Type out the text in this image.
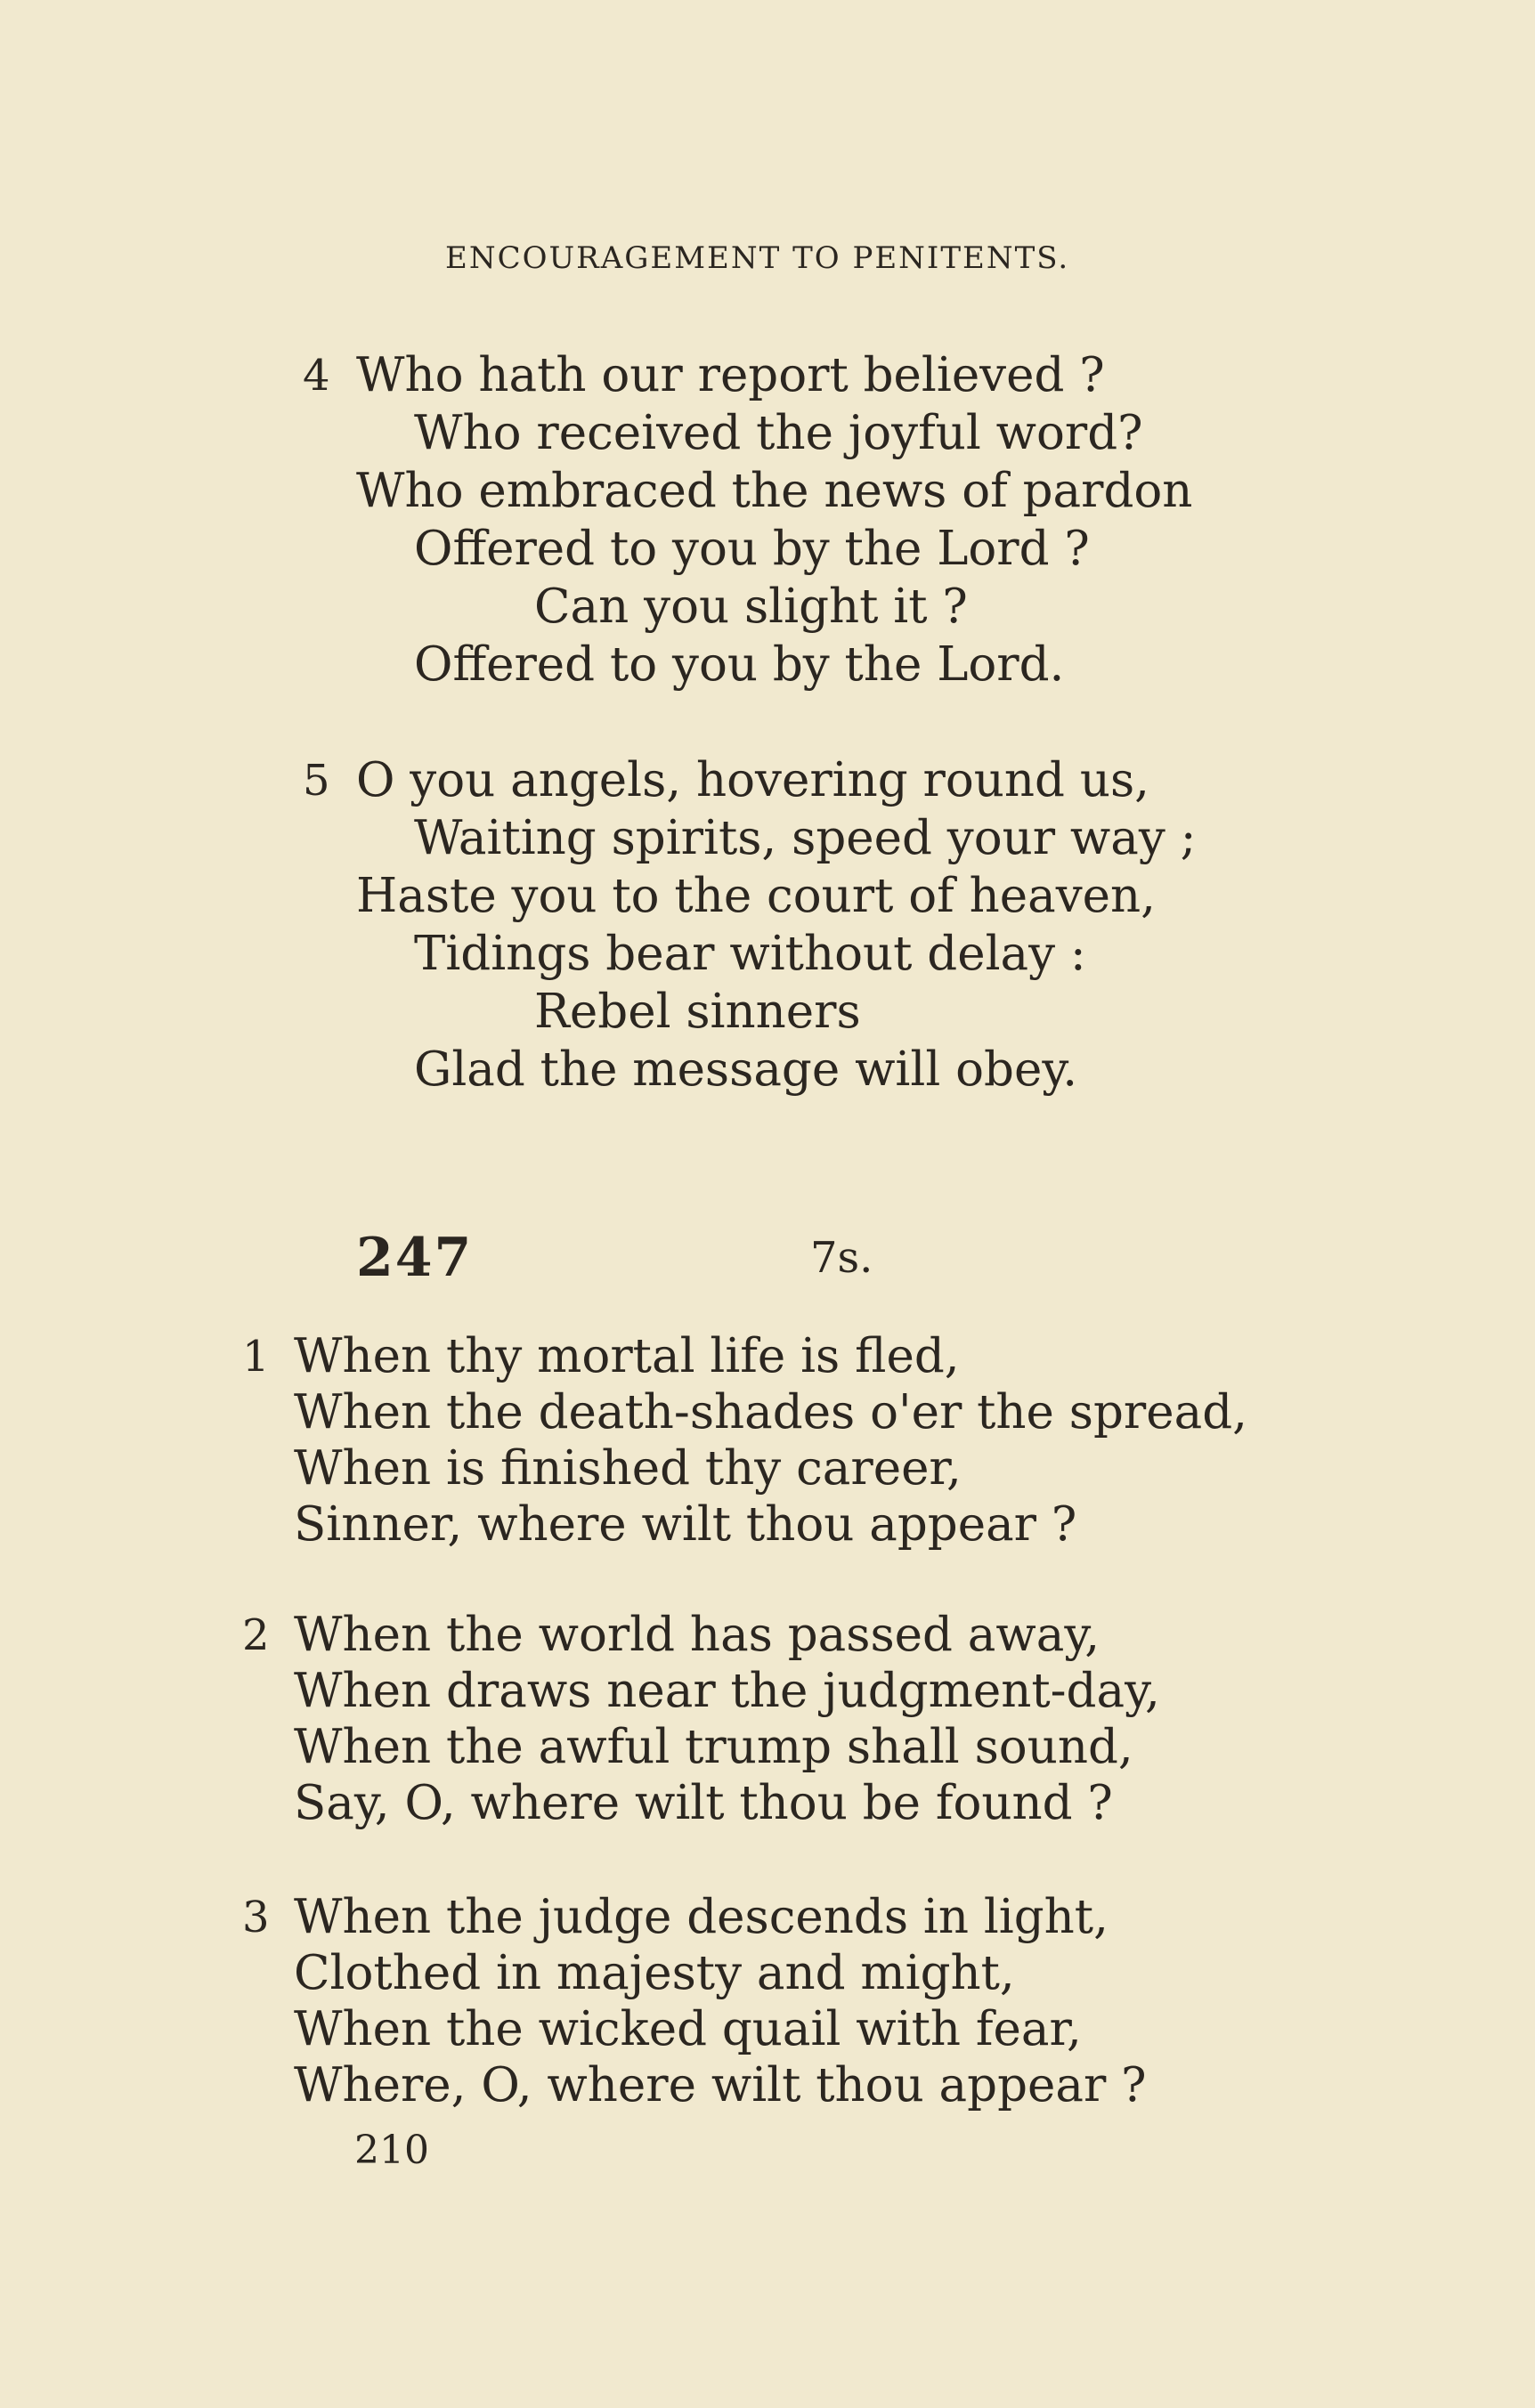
ENCOURAGEMENT TO PENITENTS.
4 Who hath our report believed ?
Who received the joyful word?
Who embraced the news of pardon
Offered to you by the Lord ?
Can you slight it ?
Offered to you by the Lord.
5 O you angels, hovering round us,
Waiting spirits, speed your way ;
Haste you to the court of heaven,
Tidings bear without delay :
Rebel sinners
Glad the message will obey.
247	7s.
1 When thy mortal life is fled,
When the death-shades o'er the spread,
When is finished thy career,
Sinner, where wilt thou appear ?
2 When the world has passed away,
When draws near the judgment-day,
When the awful trump shall sound,
Say, O, where wilt thou be found ?
3 When the judge descends in light,
Clothed in majesty and might,
When the wicked quail with fear,
Where, O, where wilt thou appear ?
210
